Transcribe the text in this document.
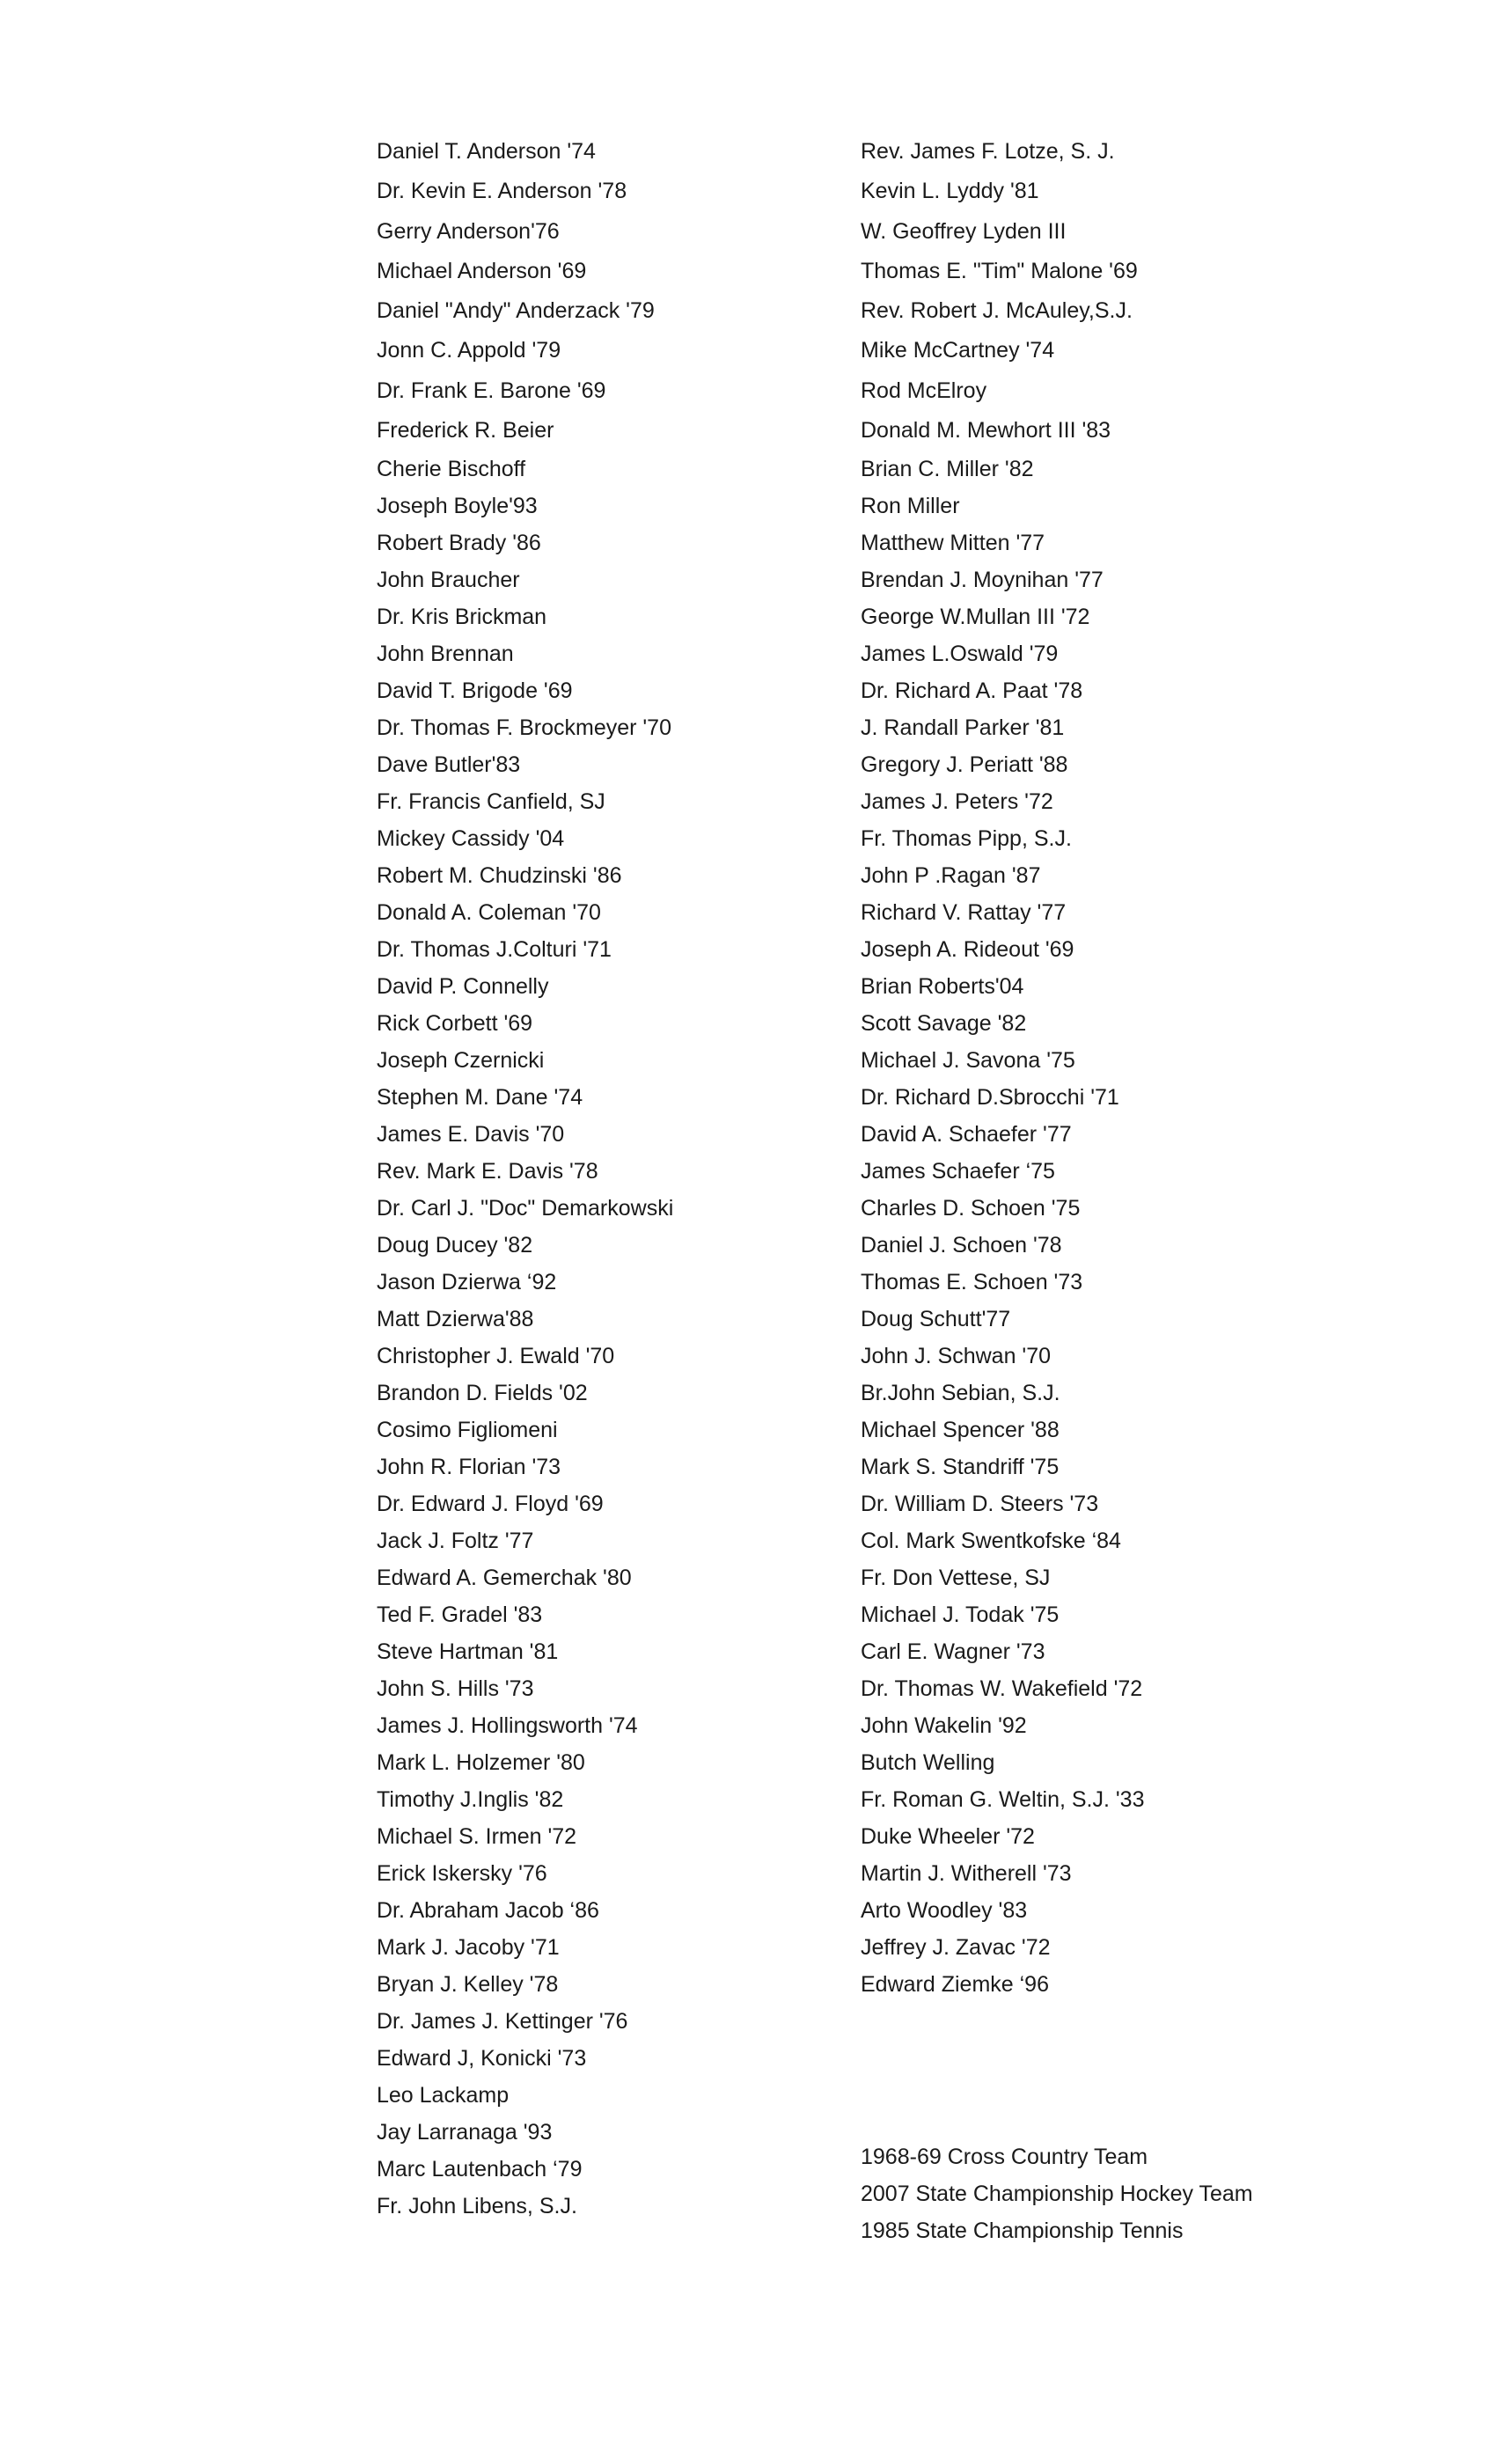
Daniel T. Anderson '74
Dr. Kevin E. Anderson '78
Gerry Anderson'76
Michael Anderson '69
Daniel "Andy" Anderzack '79
Jonn C. Appold '79
Dr. Frank E. Barone '69
Frederick R. Beier
Cherie Bischoff
Joseph Boyle'93
Robert Brady '86
John Braucher
Dr. Kris Brickman
John Brennan
David T. Brigode '69
Dr. Thomas F. Brockmeyer '70
Dave Butler'83
Fr. Francis Canfield, SJ
Mickey Cassidy '04
Robert M. Chudzinski '86
Donald A. Coleman '70
Dr. Thomas J.Colturi '71
David P. Connelly
Rick Corbett '69
Joseph Czernicki
Stephen M. Dane '74
James E. Davis '70
Rev. Mark E. Davis '78
Dr. Carl J. "Doc" Demarkowski
Doug Ducey '82
Jason Dzierwa ‘92
Matt Dzierwa'88
Christopher J. Ewald '70
Brandon D. Fields '02
Cosimo Figliomeni
John R. Florian '73
Dr. Edward J. Floyd '69
Jack J. Foltz '77
Edward A. Gemerchak '80
Ted F. Gradel '83
Steve Hartman '81
John S. Hills '73
James J. Hollingsworth '74
Mark L. Holzemer '80
Timothy J.Inglis '82
Michael S. Irmen '72
Erick Iskersky '76
Dr. Abraham Jacob ‘86
Mark J. Jacoby '71
Bryan J. Kelley '78
Dr. James J. Kettinger '76
Edward J, Konicki '73
Leo Lackamp
Jay Larranaga '93
Marc Lautenbach ‘79
Fr. John Libens, S.J.
Rev. James F. Lotze, S. J.
Kevin L. Lyddy '81
W. Geoffrey Lyden III
Thomas E. "Tim" Malone '69
Rev. Robert J. McAuley,S.J.
Mike McCartney '74
Rod McElroy
Donald M. Mewhort III '83
Brian C. Miller '82
Ron Miller
Matthew Mitten '77
Brendan J. Moynihan '77
George W.Mullan III '72
James L.Oswald '79
Dr. Richard A. Paat '78
J. Randall Parker '81
Gregory J. Periatt '88
James J. Peters '72
Fr. Thomas Pipp, S.J.
John P .Ragan '87
Richard V. Rattay '77
Joseph A. Rideout '69
Brian Roberts'04
Scott Savage '82
Michael J. Savona '75
Dr. Richard D.Sbrocchi '71
David A. Schaefer '77
James Schaefer ‘75
Charles D. Schoen '75
Daniel J. Schoen '78
Thomas E. Schoen '73
Doug Schutt'77
John J. Schwan '70
Br.John Sebian, S.J.
Michael Spencer '88
Mark S. Standriff '75
Dr. William D. Steers '73
Col. Mark Swentkofske ‘84
Fr. Don Vettese, SJ
Michael J. Todak '75
Carl E. Wagner '73
Dr. Thomas W. Wakefield '72
John Wakelin '92
Butch Welling
Fr. Roman G. Weltin, S.J. '33
Duke Wheeler '72
Martin J. Witherell '73
Arto Woodley '83
Jeffrey J. Zavac '72
Edward Ziemke ‘96
1968-69 Cross Country Team
2007 State Championship Hockey Team
1985 State Championship Tennis
